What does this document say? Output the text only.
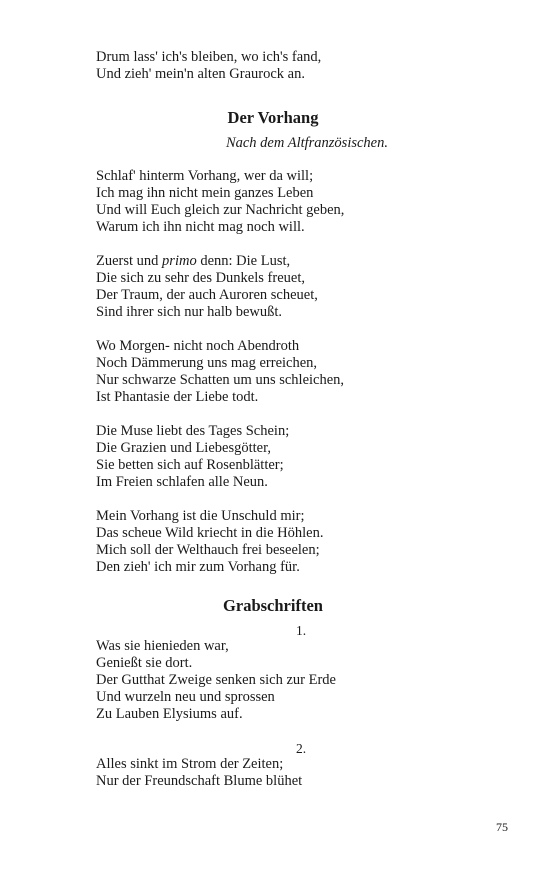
Drum lass' ich's bleiben, wo ich's fand,
Und zieh' mein'n alten Graurock an.
Der Vorhang
Nach dem Altfranzösischen.
Schlaf' hinterm Vorhang, wer da will;
Ich mag ihn nicht mein ganzes Leben
Und will Euch gleich zur Nachricht geben,
Warum ich ihn nicht mag noch will.
Zuerst und primo denn: Die Lust,
Die sich zu sehr des Dunkels freuet,
Der Traum, der auch Auroren scheuet,
Sind ihrer sich nur halb bewußt.
Wo Morgen- nicht noch Abendroth
Noch Dämmerung uns mag erreichen,
Nur schwarze Schatten um uns schleichen,
Ist Phantasie der Liebe todt.
Die Muse liebt des Tages Schein;
Die Grazien und Liebesgötter,
Sie betten sich auf Rosenblätter;
Im Freien schlafen alle Neun.
Mein Vorhang ist die Unschuld mir;
Das scheue Wild kriecht in die Höhlen.
Mich soll der Welthauch frei beseelen;
Den zieh' ich mir zum Vorhang für.
Grabschriften
1.
Was sie hienieden war,
Genießt sie dort.
Der Gutthat Zweige senken sich zur Erde
Und wurzeln neu und sprossen
Zu Lauben Elysiums auf.
2.
Alles sinkt im Strom der Zeiten;
Nur der Freundschaft Blume blühet
75
